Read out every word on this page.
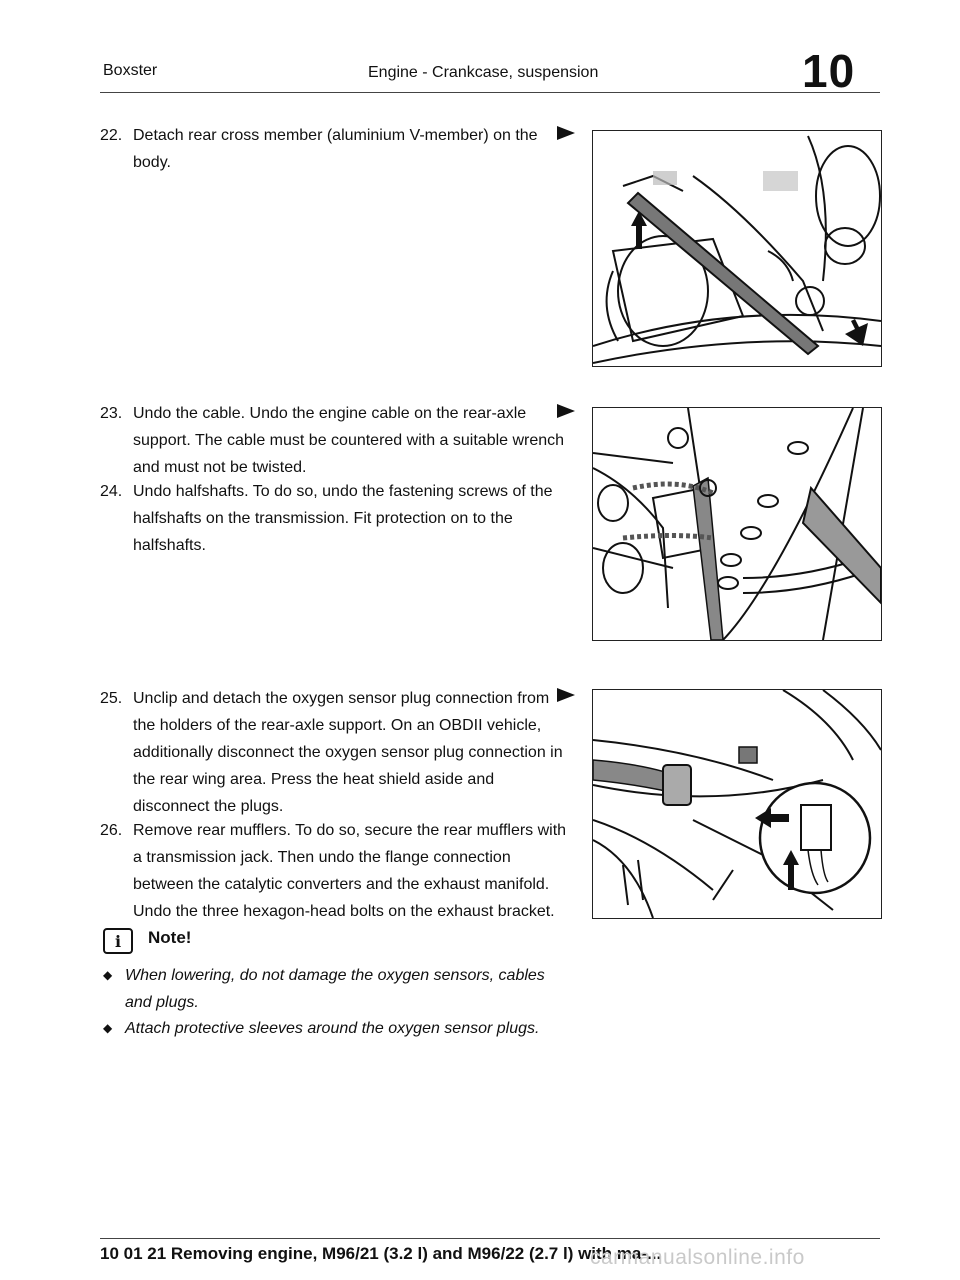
Boxster	Engine - Crankcase, suspension	10
22. Detach rear cross member (aluminium V-member) on the body.
23. Undo the cable. Undo the engine cable on the rear-axle support. The cable must be countered with a suitable wrench and must not be twisted.
24. Undo halfshafts. To do so, undo the fastening screws of the halfshafts on the transmission. Fit protection on to the halfshafts.
25. Unclip and detach the oxygen sensor plug connection from the holders of the rear-axle support. On an OBDII vehicle, additionally disconnect the oxygen sensor plug connection in the rear wing area. Press the heat shield aside and disconnect the plugs.
26. Remove rear mufflers. To do so, secure the rear mufflers with a transmission jack. Then undo the flange connection between the catalytic converters and the exhaust manifold. Undo the three hexagon-head bolts on the exhaust bracket.
i	Note!
◆ When lowering, do not damage the oxygen sensors, cables and plugs.
◆ Attach protective sleeves around the oxygen sensor plugs.
10 01 21 Removing engine, M96/21 (3.2 l) and M96/22 (2.7 l) with ma-...
carmanualsonline.info
